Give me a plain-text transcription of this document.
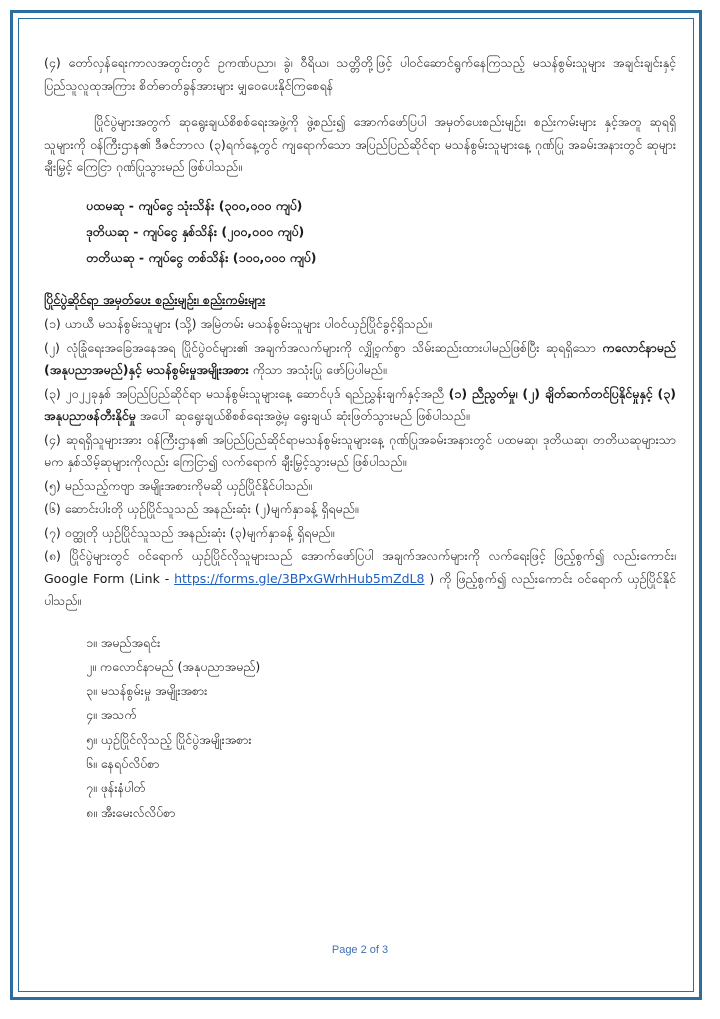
(၄) တော်လှန်ရေးကာလအတွင်းတွင် ဥကဏ်ပညာ၊ ခွဲ၊ ဝီရိယ၊ သတ္တိတို့ဖြင့် ပါဝင်ဆောင်ရွက်နေကြသည့် မသန်စွမ်းသူများ အချင်းချင်းနှင့် ပြည်သူလူထုအကြား စိတ်ဓာတ်ခွန်အားများ မျှဝေပေးနိုင်ကြစေရန်

ပြိုင်ပွဲများအတွက် ဆုရွေးချယ်စိစစ်ရေးအဖွဲ့ကို ဖွဲ့စည်း၍ အောက်ဖော်ပြပါ အမှတ်ပေးစည်းမျဉ်း၊ စည်းကမ်းများ နှင့်အတူ ဆုရရှိသူများကို ဝန်ကြီးဌာန၏ ဒီဇင်ဘာလ (၃)ရက်နေ့တွင် ကျရောက်သော အပြည်ပြည်ဆိုင်ရာ မသန်စွမ်းသူများနေ့ ဂုဏ်ပြု အခမ်းအနားတွင် ဆုများ ချီးမြှင့် ကြေငြာ ဂုဏ်ပြုသွားမည် ဖြစ်ပါသည်။

ပထမဆု - ကျပ်ငွေ သုံးသိန်း (၃၀၀,၀၀၀ ကျပ်)
ဒုတိယဆု - ကျပ်ငွေ နှစ်သိန်း (၂၀၀,၀၀၀ ကျပ်)
တတိယဆု - ကျပ်ငွေ တစ်သိန်း (၁၀၀,၀၀၀ ကျပ်)

ပြိုင်ပွဲဆိုင်ရာ အမှတ်ပေး စည်းမျဉ်း၊ စည်းကမ်းများ

(၁) ယာယီ မသန်စွမ်းသူများ (သို့) အမြဲတမ်း မသန်စွမ်းသူများ ပါဝင်ယှဉ်ပြိုင်ခွင့်ရှိသည်။

(၂) လုံခြုံရေးအခြေအနေအရ ပြိုင်ပွဲဝင်များ၏ အချက်အလက်များကို လျှို့ဝှက်စွာ သိမ်းဆည်းထားပါမည်ဖြစ်ပြီး ဆုရရှိသော ကလောင်နာမည် (အနုပညာအမည်)နှင့် မသန်စွမ်းမှုအမျိုးအစား ကိုသာ အသုံးပြု ဖော်ပြပါမည်။

(၃) ၂၀၂၂ခုနှစ် အပြည်ပြည်ဆိုင်ရာ မသန်စွမ်းသူများနေ့ ဆောင်ပုဒ် ရည်ညွှန်းချက်နှင့်အညီ (၁) ညီညွတ်မှု၊ (၂) ချိတ်ဆက်တင်ပြနိုင်မှုနှင့် (၃) အနုပညာဖန်တီးနိုင်မှု အပေါ် ဆုရွေးချယ်စိစစ်ရေးအဖွဲ့မှ ရွေးချယ် ဆုံးဖြတ်သွားမည် ဖြစ်ပါသည်။

(၄) ဆုရရှိသူများအား ဝန်ကြီးဌာန၏ အပြည်ပြည်ဆိုင်ရာမသန်စွမ်းသူများနေ့ ဂုဏ်ပြုအခမ်းအနားတွင် ပထမဆု၊ ဒုတိယဆု၊ တတိယဆုများသာမက နှစ်သိမ့်ဆုများကိုလည်း ကြေငြာ၍ လက်ရောက် ချီးမြှင့်သွားမည် ဖြစ်ပါသည်။

(၅) မည်သည့်ကဗျာ အမျိုးအစားကိုမဆို ယှဉ်ပြိုင်နိုင်ပါသည်။

(၆) ဆောင်းပါးတို ယှဉ်ပြိုင်သူသည် အနည်းဆုံး (၂)မျက်နှာခန့် ရှိရမည်။

(၇) ဝတ္ထုတို ယှဉ်ပြိုင်သူသည် အနည်းဆုံး (၃)မျက်နှာခန့် ရှိရမည်။

(၈) ပြိုင်ပွဲများတွင် ဝင်ရောက် ယှဉ်ပြိုင်လိုသူများသည် အောက်ဖော်ပြပါ အချက်အလက်များကို လက်ရေးဖြင့် ဖြည့်စွက်၍ လည်းကောင်း၊ Google Form (Link - https://forms.gle/3BPxGWrhHub5mZdL8 ) ကို ဖြည့်စွက်၍ လည်းကောင်း ဝင်ရောက် ယှဉ်ပြိုင်နိုင်ပါသည်။

၁။ အမည်အရင်း
၂။ ကလောင်နာမည် (အနုပညာအမည်)
၃။ မသန်စွမ်းမှု အမျိုးအစား
၄။ အသက်
၅။ ယှဉ်ပြိုင်လိုသည့် ပြိုင်ပွဲအမျိုးအစား
၆။ နေရပ်လိပ်စာ
၇။ ဖုန်းနံပါတ်
၈။ အီးမေးလ်လိပ်စာ
Page 2 of 3
